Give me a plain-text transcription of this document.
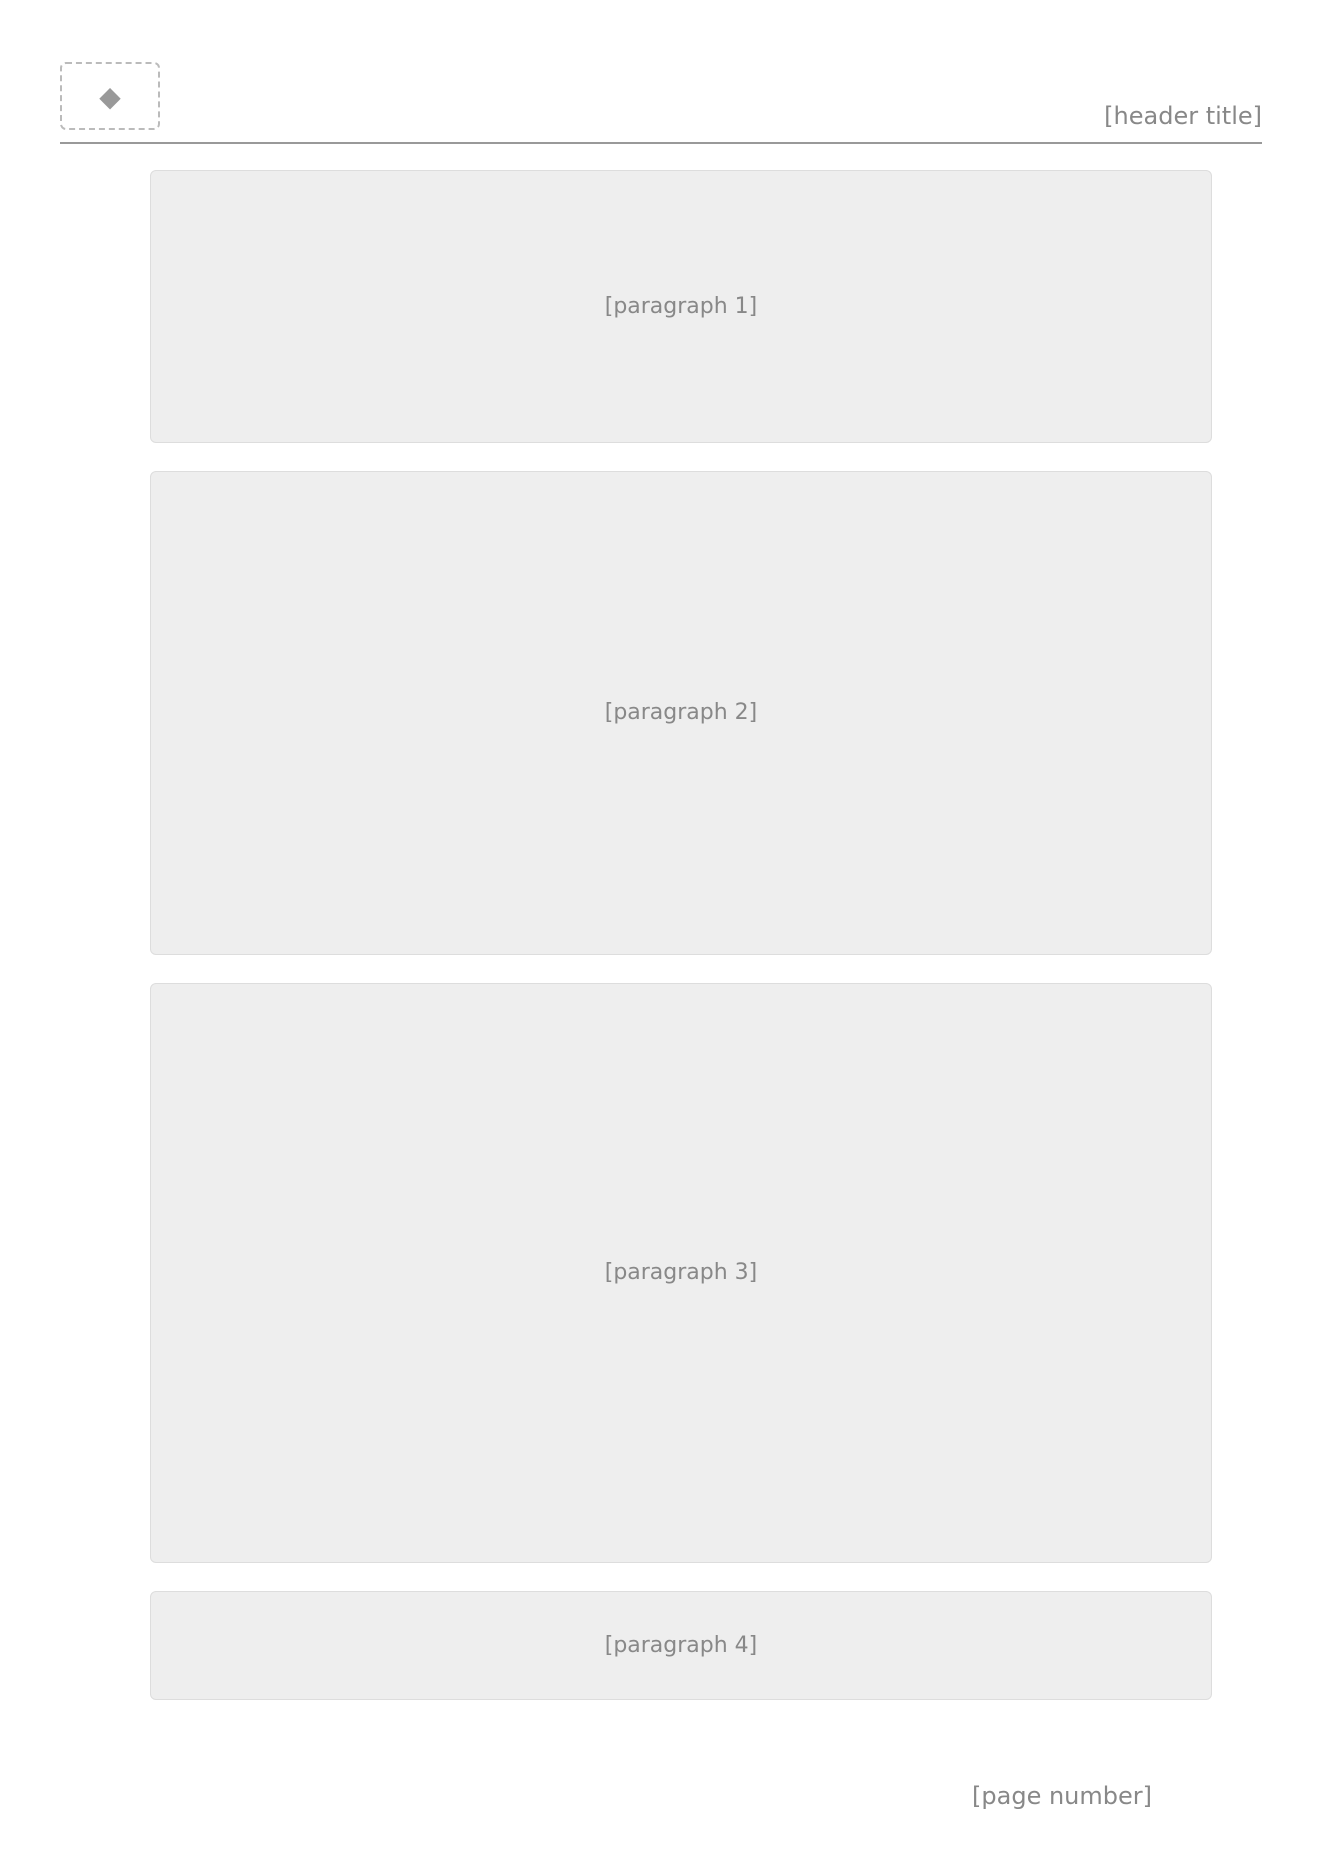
◆
[header title]
[paragraph 1]
[paragraph 2]
[paragraph 3]
[paragraph 4]
[page number]
